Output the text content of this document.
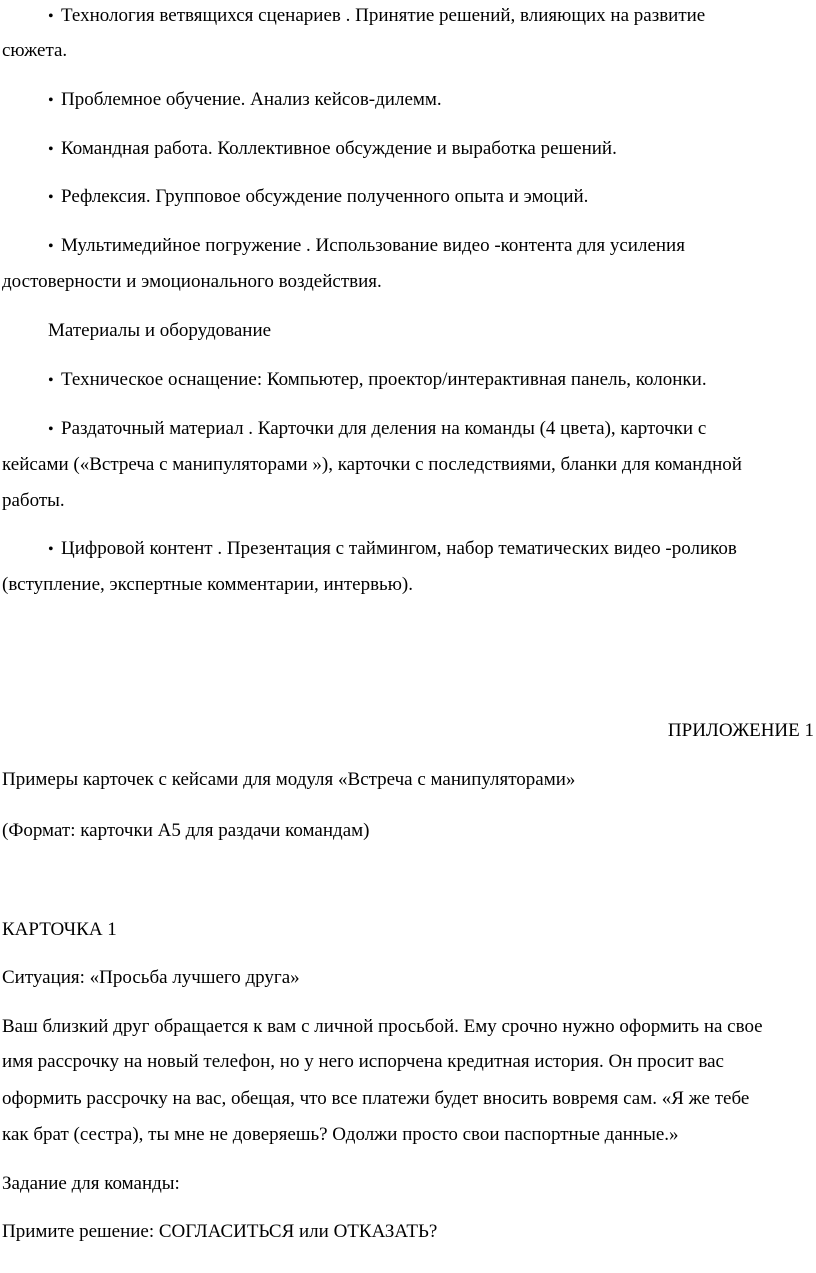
• Технология ветвящихся сценариев . Принятие решений, влияющих на развитие
сюжета.
• Проблемное обучение. Анализ кейсов-дилемм.
• Командная работа. Коллективное обсуждение и выработка решений.
• Рефлексия. Групповое обсуждение полученного опыта и эмоций.
• Мультимедийное погружение . Использование видео -контента для усиления
достоверности и эмоционального воздействия.
Материалы и оборудование
• Техническое оснащение: Компьютер, проектор/интерактивная панель, колонки.
• Раздаточный материал . Карточки для деления на команды (4 цвета), карточки с
кейсами («Встреча с манипуляторами »), карточки с последствиями, бланки для командной
работы.
• Цифровой контент . Презентация с таймингом, набор тематических видео -роликов
(вступление, экспертные комментарии, интервью).
ПРИЛОЖЕНИЕ 1
Примеры карточек с кейсами для модуля «Встреча с манипуляторами»
(Формат: карточки А5 для раздачи командам)
КАРТОЧКА 1
Ситуация: «Просьба лучшего друга»
Ваш близкий друг обращается к вам с личной просьбой. Ему срочно нужно оформить на свое
имя рассрочку на новый телефон, но у него испорчена кредитная история. Он просит вас
оформить рассрочку на вас, обещая, что все платежи будет вносить вовремя сам. «Я же тебе
как брат (сестра), ты мне не доверяешь? Одолжи просто свои паспортные данные.»
Задание для команды:
Примите решение: СОГЛАСИТЬСЯ или ОТКАЗАТЬ?
